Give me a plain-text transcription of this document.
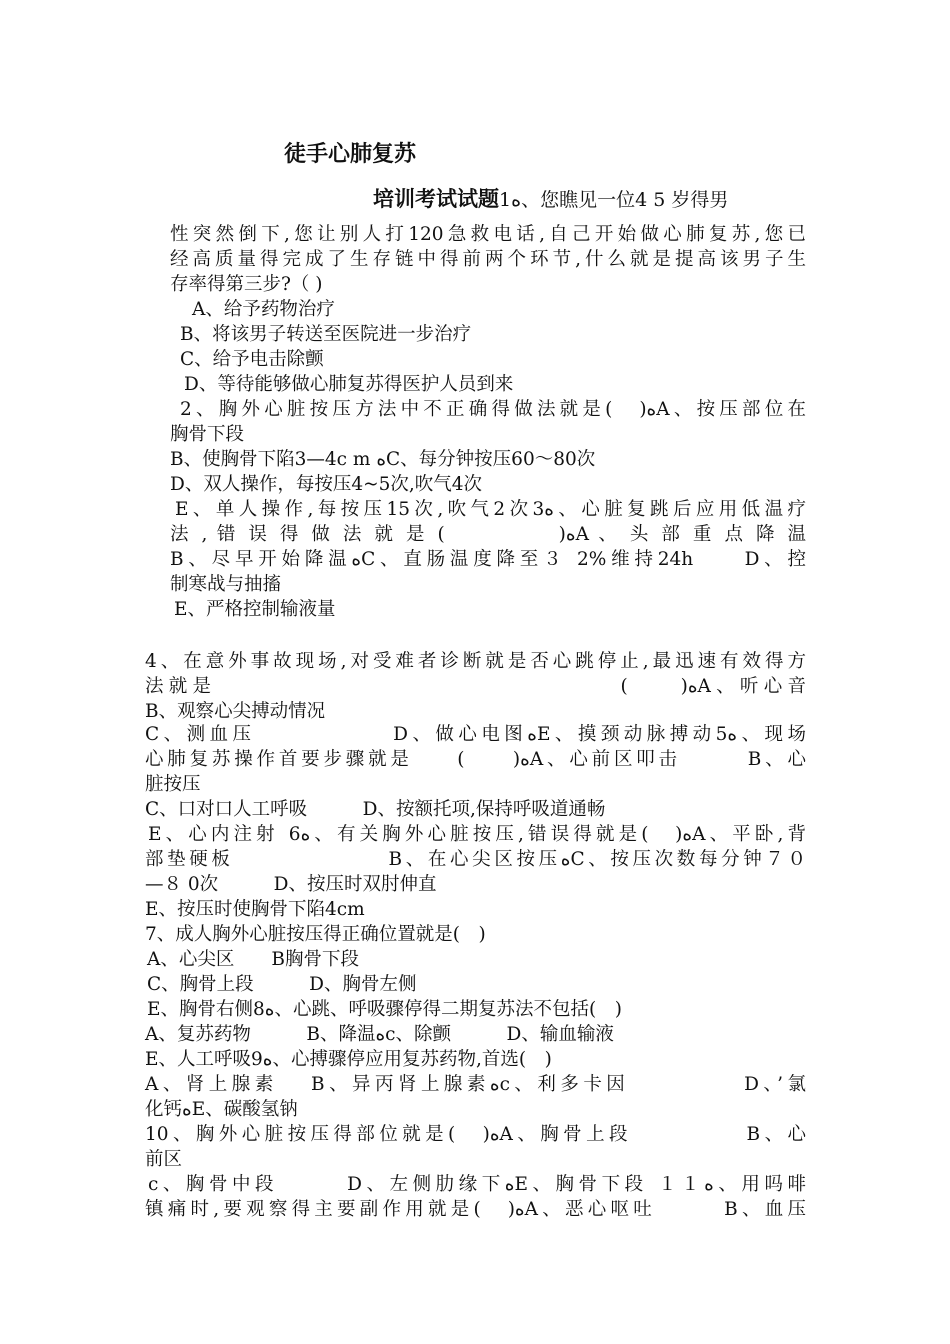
徒手心肺复苏
培训考试试题1ﻩ、您瞧见一位4 5 岁得男
性突然倒下,您让别人打120急救电话,自己开始做心肺复苏,您已
经高质量得完成了生存链中得前两个环节,什么就是提高该男子生
存率得第三步?（ )
A、给予药物治疗
B、将该男子转送至医院进一步治疗
C、给予电击除颤
D、等待能够做心肺复苏得医护人员到来
2、胸外心脏按压方法中不正确得做法就是(　)ﻩA、按压部位在
胸骨下段
B、使胸骨下陷3—4c m ﻩC、每分钟按压60～80次
D、双人操作，每按压4~5次,吹气4次
E、单人操作,每按压15次,吹气2次3ﻩ、心脏复跳后应用低温疗
法 , 错 误 得 做 法 就 是 (　　　　　)ﻩA 、 头 部 重 点 降 温
B、尽早开始降温ﻩC、直肠温度降至３ 2%维持24h　　D、控
制寒战与抽搐
E、严格控制输液量
4、在意外事故现场,对受难者诊断就是否心跳停止,最迅速有效得方
法就是　　　　　　　　　　　　　　　　　(　　)ﻩA、听心音
B、观察心尖搏动情况
C、测血压　　　　　　D、做心电图ﻩE、摸颈动脉搏动5ﻩ、现场
心肺复苏操作首要步骤就是　　(　　)ﻩA、心前区叩击　　　B、心
脏按压
C、口对口人工呼吸　　　D、按额托项,保持呼吸道通畅
E、心内注射 6ﻩ、有关胸外心脏按压,错误得就是(　)ﻩA、平卧,背
部垫硬板　　　　　　　B、在心尖区按压ﻩC、按压次数每分钟７０
—８ 0次　　　D、按压时双肘伸直
E、按压时使胸骨下陷4cm
7、成人胸外心脏按压得正确位置就是(　)
A、心尖区　　B胸骨下段
C、胸骨上段　　　D、胸骨左侧
E、胸骨右侧8ﻩ、心跳、呼吸骤停得二期复苏法不包括(　)
A、复苏药物　　　B、降温ﻩc、除颤　　　D、输血输液
E、人工呼吸9ﻩ、心搏骤停应用复苏药物,首选(　)
A、肾上腺素　 B、异丙肾上腺素ﻩc、利多卡因　　　　　D、’氯
化钙ﻩE、碳酸氢钠
10、胸外心脏按压得部位就是(　)ﻩA、胸骨上段　　　　　B、心
前区
c、胸骨中段　　　D、左侧肋缘下ﻩE、胸骨下段 １１ﻩ、用吗啡
镇痛时,要观察得主要副作用就是(　)ﻩA、恶心呕吐　　　B、血压
